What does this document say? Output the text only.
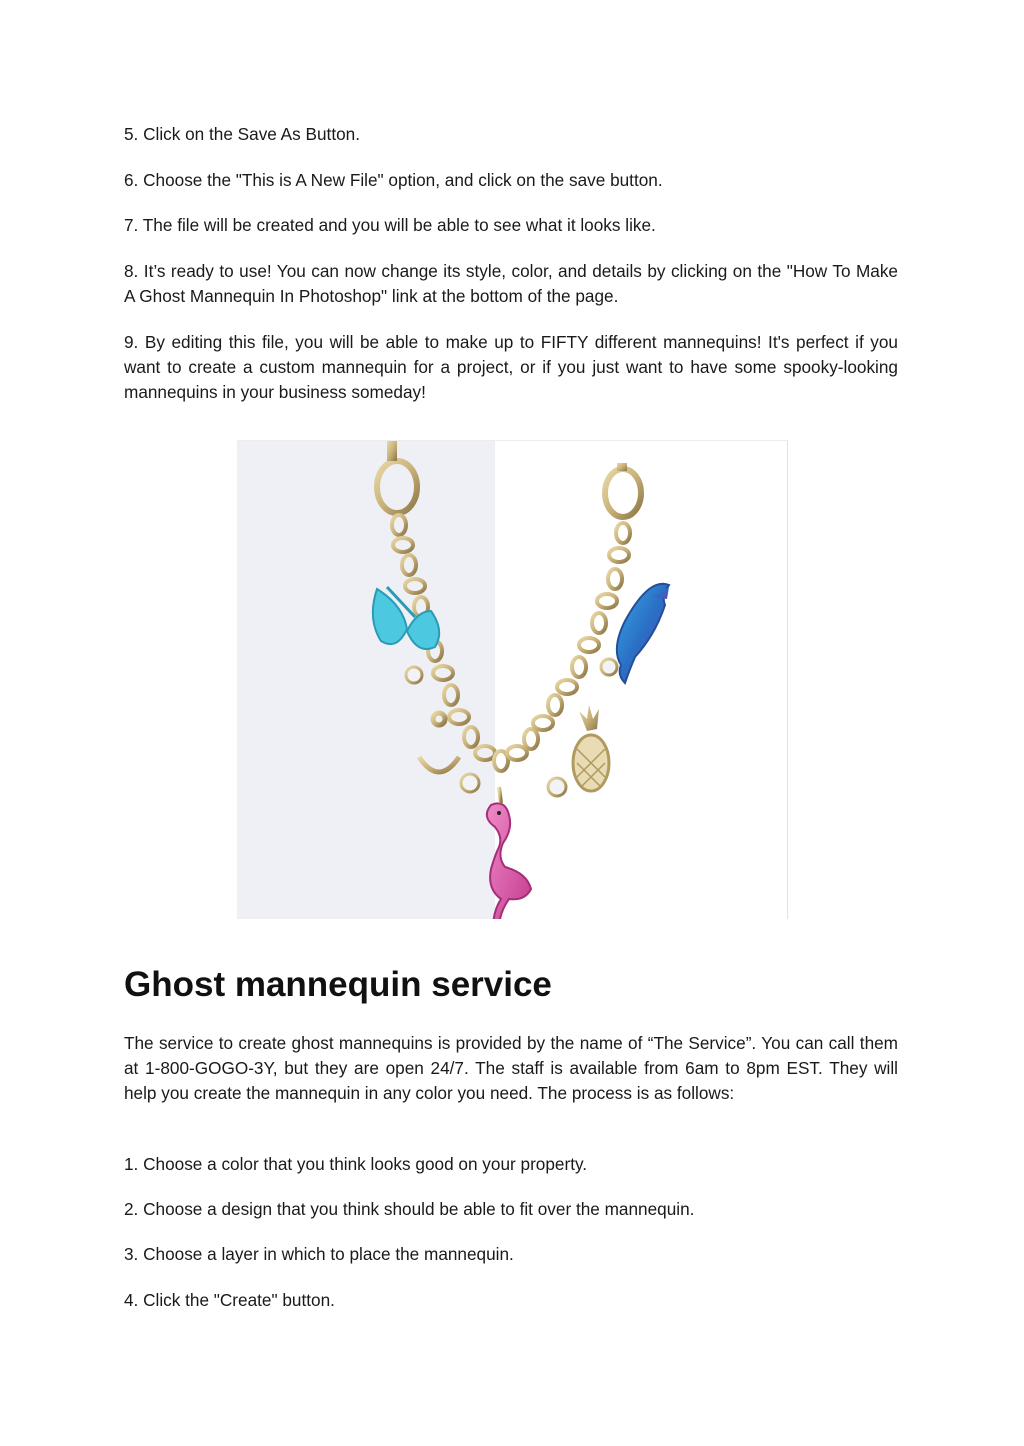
5. Click on the Save As Button.

6. Choose the "This is A New File" option, and click on the save button.

7. The file will be created and you will be able to see what it looks like.

8. It’s ready to use! You can now change its style, color, and details by clicking on the "How To Make A Ghost Mannequin In Photoshop" link at the bottom of the page.

9. By editing this file, you will be able to make up to FIFTY different mannequins! It's perfect if you want to create a custom mannequin for a project, or if you just want to have some spooky-looking mannequins in your business someday!

Ghost mannequin service

The service to create ghost mannequins is provided by the name of “The Service”. You can call them at 1-800-GOGO-3Y, but they are open 24/7. The staff is available from 6am to 8pm EST. They will help you create the mannequin in any color you need. The process is as follows:

1. Choose a color that you think looks good on your property.

2. Choose a design that you think should be able to fit over the mannequin.

3. Choose a layer in which to place the mannequin.

4. Click the "Create" button.
